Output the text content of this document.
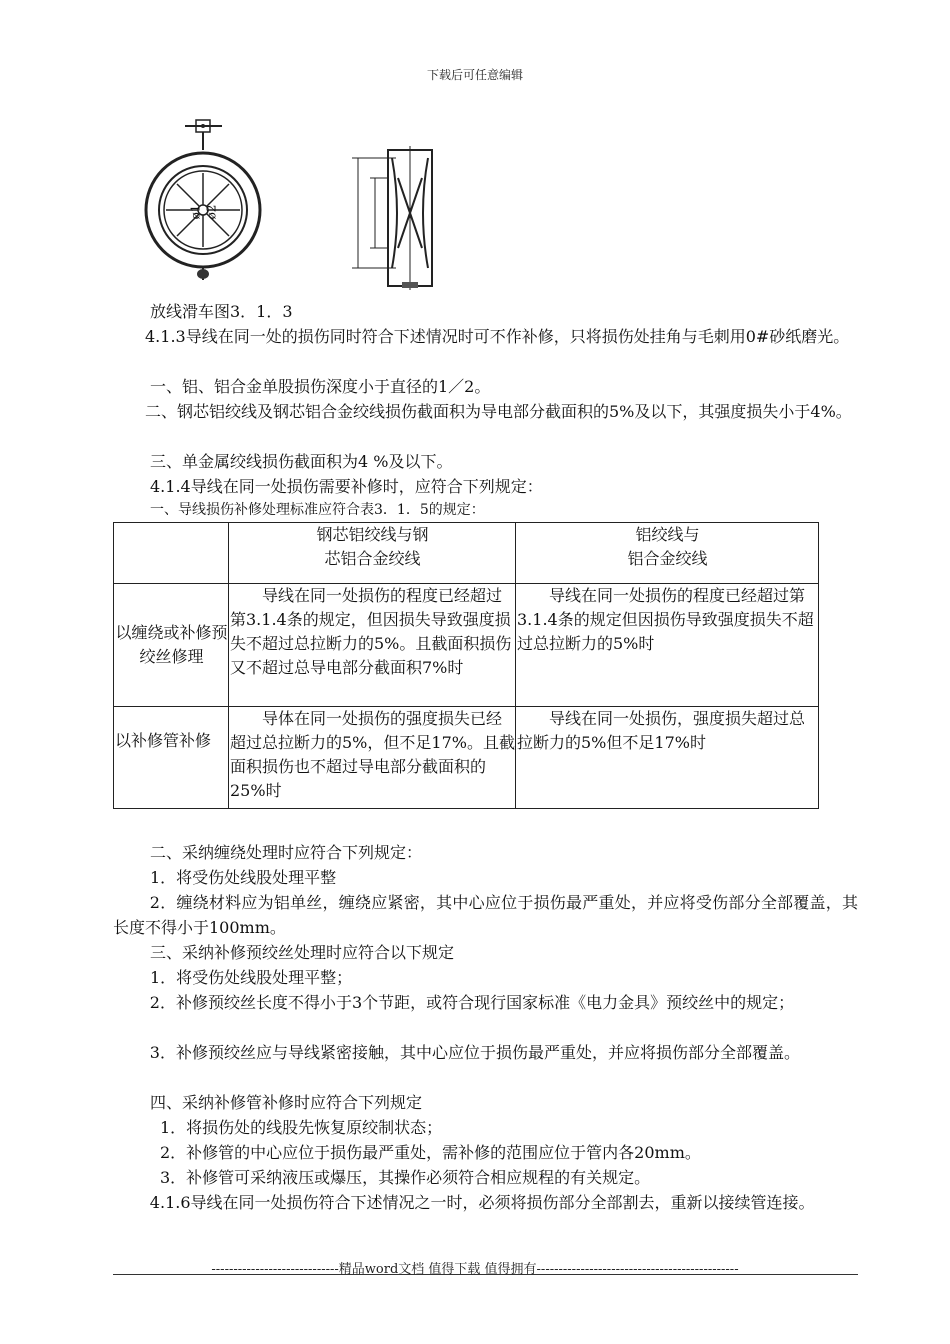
下载后可任意编辑
ø1 ø2
放线滑车图3．1．3
4.1.3导线在同一处的损伤同时符合下述情况时可不作补修，只将损伤处挂角与毛刺用0#砂纸磨光。
一、铝、铝合金单股损伤深度小于直径的1／2。
二、钢芯铝绞线及钢芯铝合金绞线损伤截面积为导电部分截面积的5%及以下，其强度损失小于4%。
三、单金属绞线损伤截面积为4 %及以下。
4.1.4导线在同一处损伤需要补修时，应符合下列规定：
一、导线损伤补修处理标准应符合表3．1．5的规定：
	钢芯铝绞线与钢
芯铝合金绞线	铝绞线与
铝合金绞线
以缠绕或补修预绞丝修理	导线在同一处损伤的程度已经超过第3.1.4条的规定，但因损失导致强度损失不超过总拉断力的5%。且截面积损伤又不超过总导电部分截面积7%时	导线在同一处损伤的程度已经超过第3.1.4条的规定但因损伤导致强度损失不超过总拉断力的5%时
以补修管补修	导体在同一处损伤的强度损失已经超过总拉断力的5%，但不足17%。且截面积损伤也不超过导电部分截面积的25%时	导线在同一处损伤，强度损失超过总拉断力的5%但不足17%时
二、采纳缠绕处理时应符合下列规定：
1．将受伤处线股处理平整
2．缠绕材料应为铝单丝，缠绕应紧密，其中心应位于损伤最严重处，并应将受伤部分全部覆盖，其长度不得小于100mm。
三、采纳补修预绞丝处理时应符合以下规定
1．将受伤处线股处理平整；
2．补修预绞丝长度不得小于3个节距，或符合现行国家标准《电力金具》预绞丝中的规定；
3．补修预绞丝应与导线紧密接触，其中心应位于损伤最严重处，并应将损伤部分全部覆盖。
四、采纳补修管补修时应符合下列规定
1．将损伤处的线股先恢复原绞制状态；
2．补修管的中心应位于损伤最严重处，需补修的范围应位于管内各20mm。
3．补修管可采纳液压或爆压，其操作必须符合相应规程的有关规定。
4.1.6导线在同一处损伤符合下述情况之一时，必须将损伤部分全部割去，重新以接续管连接。
-----------------------------精品word文档 值得下载 值得拥有----------------------------------------------
